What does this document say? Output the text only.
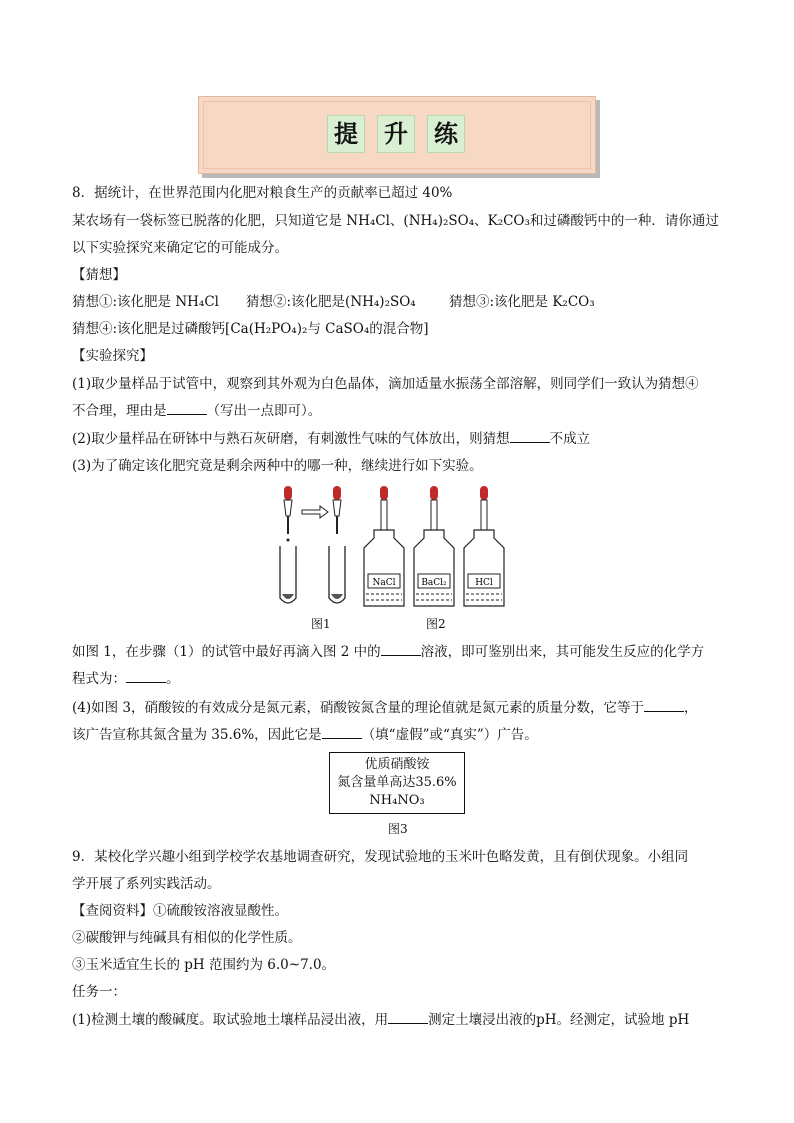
提 升 练
8．据统计，在世界范围内化肥对粮食生产的贡献率已超过 40%
某农场有一袋标签已脱落的化肥，只知道它是 NH₄Cl、(NH₄)₂SO₄、K₂CO₃和过磷酸钙中的一种．请你通过
以下实验探究来确定它的可能成分。
【猜想】
猜想①:该化肥是 NH₄Cl 猜想②:该化肥是(NH₄)₂SO₄ 猜想③:该化肥是 K₂CO₃
猜想④:该化肥是过磷酸钙[Ca(H₂PO₄)₂与 CaSO₄的混合物]
【实验探究】
(1)取少量样品于试管中，观察到其外观为白色晶体，滴加适量水振荡全部溶解，则同学们一致认为猜想④
不合理，理由是	（写出一点即可）。
(2)取少量样品在研钵中与熟石灰研磨，有刺激性气味的气体放出，则猜想	不成立
(3)为了确定该化肥究竟是剩余两种中的哪一种，继续进行如下实验。
NaCl	BaCl₂	HCl
图1	图2
如图 1，在步骤（1）的试管中最好再滴入图 2 中的	溶液，即可鉴别出来，其可能发生反应的化学方
程式为：	。
(4)如图 3，硝酸铵的有效成分是氮元素，硝酸铵氮含量的理论值就是氮元素的质量分数，它等于	，
该广告宣称其氮含量为 35.6%，因此它是	（填“虚假”或“真实”）广告。
优质硝酸铵
氮含量单高达35.6%
NH₄NO₃
图3
9．某校化学兴趣小组到学校学农基地调查研究，发现试验地的玉米叶色略发黄，且有倒伏现象。小组同
学开展了系列实践活动。
【查阅资料】①硫酸铵溶液显酸性。
②碳酸钾与纯碱具有相似的化学性质。
③玉米适宜生长的 pH 范围约为 6.0~7.0。
任务一：
(1)检测土壤的酸碱度。取试验地土壤样品浸出液，用	测定土壤浸出液的pH。经测定，试验地 pH
